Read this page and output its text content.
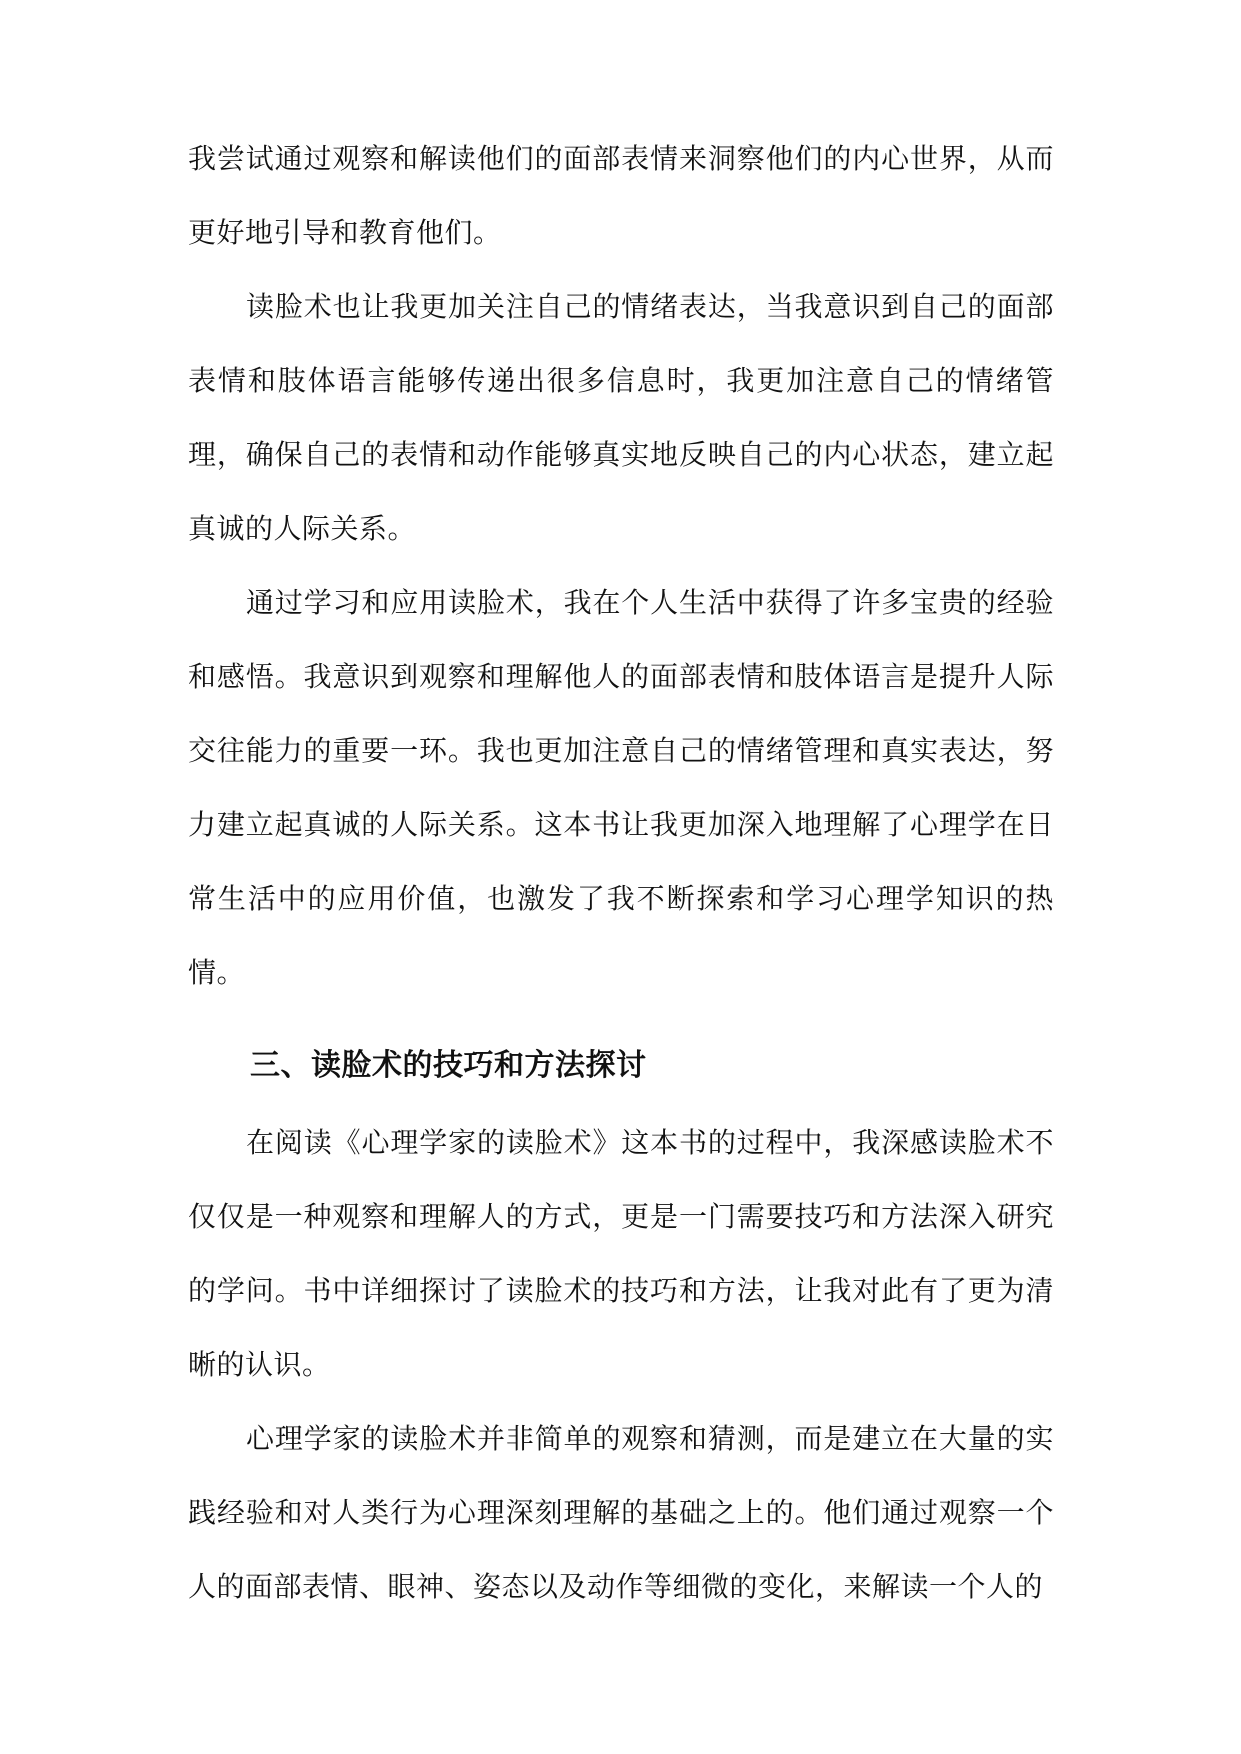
我尝试通过观察和解读他们的面部表情来洞察他们的内心世界，从而更好地引导和教育他们。

读脸术也让我更加关注自己的情绪表达，当我意识到自己的面部表情和肢体语言能够传递出很多信息时，我更加注意自己的情绪管理，确保自己的表情和动作能够真实地反映自己的内心状态，建立起真诚的人际关系。

通过学习和应用读脸术，我在个人生活中获得了许多宝贵的经验和感悟。我意识到观察和理解他人的面部表情和肢体语言是提升人际交往能力的重要一环。我也更加注意自己的情绪管理和真实表达，努力建立起真诚的人际关系。这本书让我更加深入地理解了心理学在日常生活中的应用价值，也激发了我不断探索和学习心理学知识的热情。

三、读脸术的技巧和方法探讨

在阅读《心理学家的读脸术》这本书的过程中，我深感读脸术不仅仅是一种观察和理解人的方式，更是一门需要技巧和方法深入研究的学问。书中详细探讨了读脸术的技巧和方法，让我对此有了更为清晰的认识。

心理学家的读脸术并非简单的观察和猜测，而是建立在大量的实践经验和对人类行为心理深刻理解的基础之上的。他们通过观察一个人的面部表情、眼神、姿态以及动作等细微的变化，来解读一个人的
